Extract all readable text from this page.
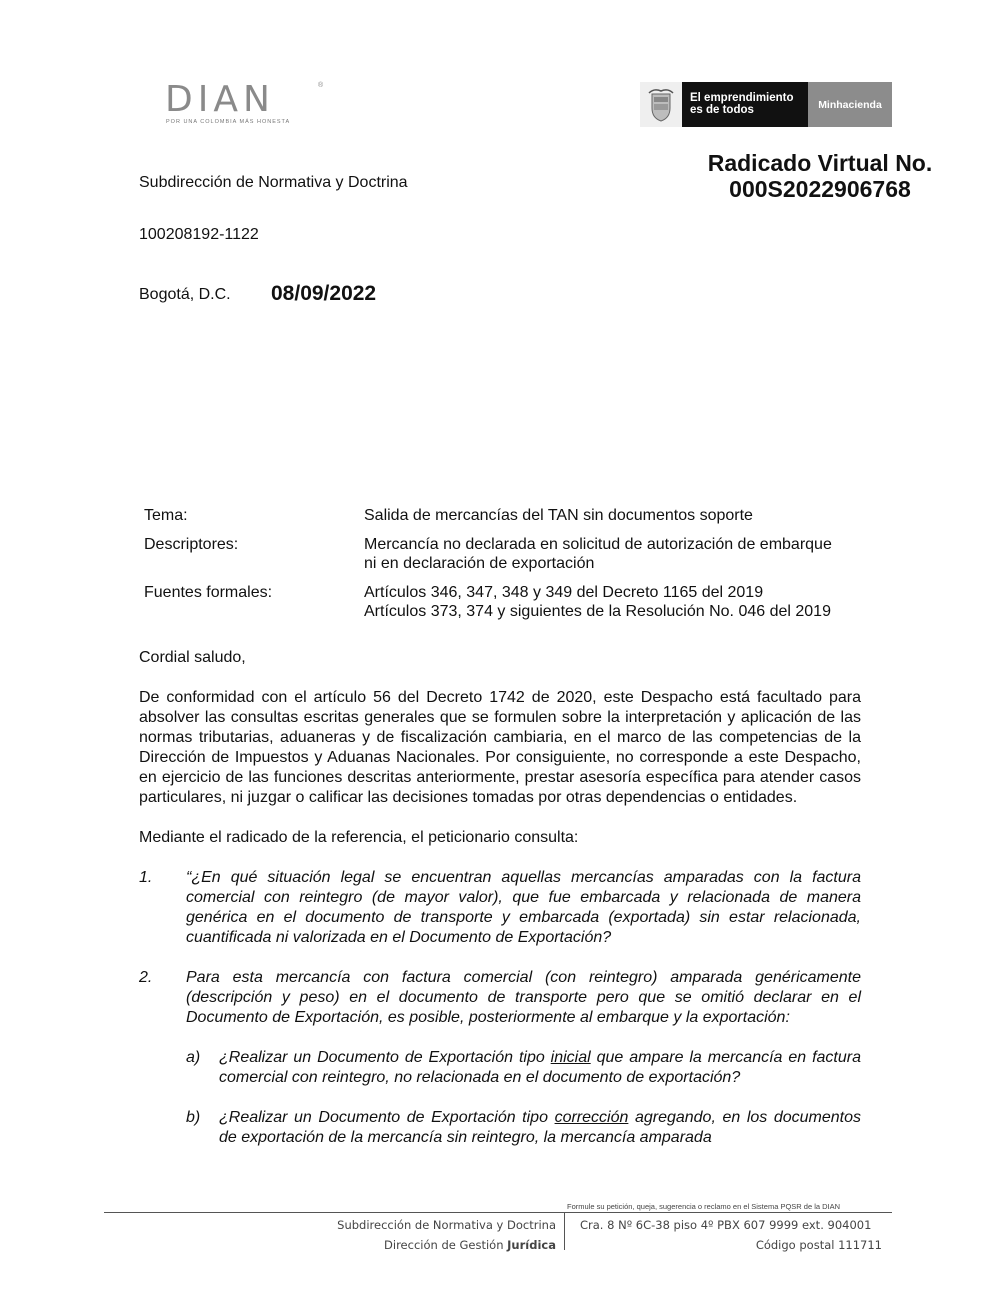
DIAN	®
POR UNA COLOMBIA MÁS HONESTA
El emprendimiento
es de todos	Minhacienda
Radicado Virtual No.
000S2022906768
Subdirección de Normativa y Doctrina
100208192-1122
Bogotá, D.C. 08/09/2022
Tema:	Salida de mercancías del TAN sin documentos soporte
Descriptores:	Mercancía no declarada en solicitud de autorización de embarque
ni en declaración de exportación
Fuentes formales:	Artículos 346, 347, 348 y 349 del Decreto 1165 del 2019
Artículos 373, 374 y siguientes de la Resolución No. 046 del 2019

Cordial saludo,

De conformidad con el artículo 56 del Decreto 1742 de 2020, este Despacho está facultado para absolver las consultas escritas generales que se formulen sobre la interpretación y aplicación de las normas tributarias, aduaneras y de fiscalización cambiaria, en el marco de las competencias de la Dirección de Impuestos y Aduanas Nacionales. Por consiguiente, no corresponde a este Despacho, en ejercicio de las funciones descritas anteriormente, prestar asesoría específica para atender casos particulares, ni juzgar o calificar las decisiones tomadas por otras dependencias o entidades.

Mediante el radicado de la referencia, el peticionario consulta:

1.	“¿En qué situación legal se encuentran aquellas mercancías amparadas con la factura comercial con reintegro (de mayor valor), que fue embarcada y relacionada de manera genérica en el documento de transporte y embarcada (exportada) sin estar relacionada, cuantificada ni valorizada en el Documento de Exportación?
2.	Para esta mercancía con factura comercial (con reintegro) amparada genéricamente (descripción y peso) en el documento de transporte pero que se omitió declarar en el Documento de Exportación, es posible, posteriormente al embarque y la exportación:
a)	¿Realizar un Documento de Exportación tipo inicial que ampare la mercancía en factura comercial con reintegro, no relacionada en el documento de exportación?
b)	¿Realizar un Documento de Exportación tipo corrección agregando, en los documentos de exportación de la mercancía sin reintegro, la mercancía amparada
Formule su petición, queja, sugerencia o reclamo en el Sistema PQSR de la DIAN
Subdirección de Normativa y Doctrina
Dirección de Gestión Jurídica
Cra. 8 Nº 6C-38 piso 4º PBX 607 9999 ext. 904001
Código postal 111711
